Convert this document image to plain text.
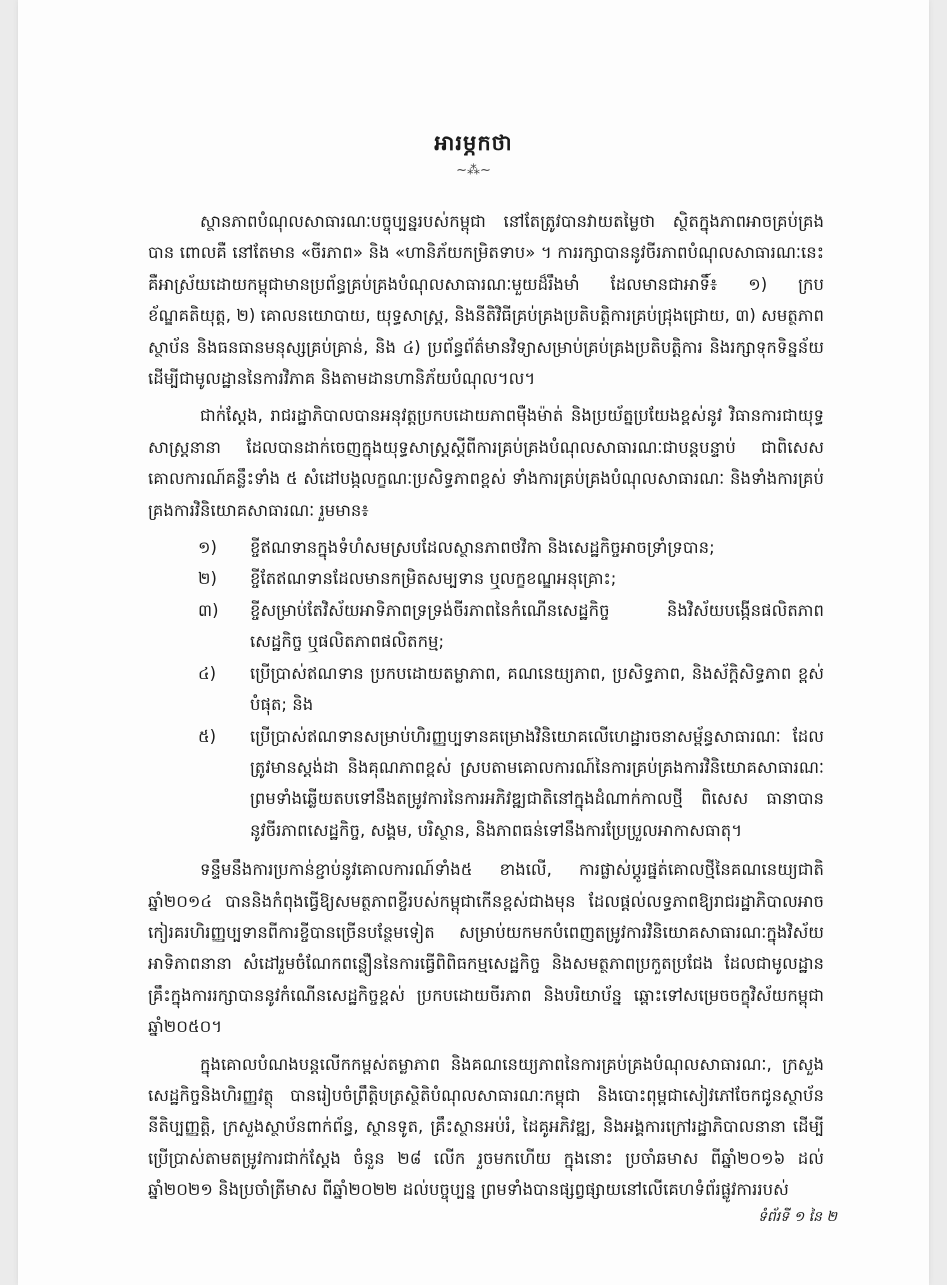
អារម្ភកថា
~⁂~

ស្ថានភាពបំណុលសាធារណៈបច្ចុប្បន្នរបស់កម្ពុជា នៅតែត្រូវបានវាយតម្លៃថា ស្ថិតក្នុងភាពអាចគ្រប់គ្រងបាន ពោលគឺ នៅតែមាន «ចីរភាព» និង «ហានិភ័យកម្រិតទាប» ។ ការរក្សាបាននូវចីរភាពបំណុលសាធារណៈនេះ គឺអាស្រ័យដោយកម្ពុជាមានប្រព័ន្ធគ្រប់គ្រងបំណុលសាធារណៈមួយដ៏រឹងមាំ ដែលមានជាអាទិ៍៖ ១) ក្របខ័ណ្ឌគតិយុត្ត, ២) គោលនយោបាយ, យុទ្ធសាស្ត្រ, និងនីតិវិធីគ្រប់គ្រងប្រតិបត្តិការគ្រប់ជ្រុងជ្រោយ, ៣) សមត្ថភាពស្ថាប័ន និងធនធានមនុស្សគ្រប់គ្រាន់, និង ៤) ប្រព័ន្ធព័ត៌មានវិទ្យាសម្រាប់គ្រប់គ្រងប្រតិបត្តិការ និងរក្សាទុកទិន្នន័យ ដើម្បីជាមូលដ្ឋាននៃការវិភាគ និងតាមដានហានិភ័យបំណុល។ល។

ជាក់ស្តែង, រាជរដ្ឋាភិបាលបានអនុវត្តប្រកបដោយភាពម៉ឺងម៉ាត់ និងប្រយ័ត្នប្រយែងខ្ពស់នូវ វិធានការជាយុទ្ធសាស្ត្រនានា ដែលបានដាក់ចេញក្នុងយុទ្ធសាស្ត្រស្តីពីការគ្រប់គ្រងបំណុលសាធារណៈជាបន្តបន្ទាប់ ជាពិសេស គោលការណ៍គន្លឹះទាំង ៥ សំដៅបង្កលក្ខណៈប្រសិទ្ធភាពខ្ពស់ ទាំងការគ្រប់គ្រងបំណុលសាធារណៈ និងទាំងការគ្រប់គ្រងការវិនិយោគសាធារណៈ រួមមាន៖

១) ខ្ចីឥណទានក្នុងទំហំសមស្របដែលស្ថានភាពថវិកា និងសេដ្ឋកិច្ចអាចទ្រាំទ្របាន;
២) ខ្ចីតែឥណទានដែលមានកម្រិតសម្បទាន ឬលក្ខខណ្ឌអនុគ្រោះ;
៣) ខ្ចីសម្រាប់តែវិស័យអាទិភាពទ្រទ្រង់ចីរភាពនៃកំណើនសេដ្ឋកិច្ច និងវិស័យបង្កើនផលិតភាពសេដ្ឋកិច្ច ឬផលិតភាពផលិតកម្ម;
៤) ប្រើប្រាស់ឥណទាន ប្រកបដោយតម្លាភាព, គណនេយ្យភាព, ប្រសិទ្ធភាព, និងស័ក្តិសិទ្ធភាព ខ្ពស់បំផុត; និង
៥) ប្រើប្រាស់ឥណទានសម្រាប់ហិរញ្ញប្បទានគម្រោងវិនិយោគលើហេដ្ឋារចនាសម្ព័ន្ធសាធារណៈ ដែលត្រូវមានស្តង់ដា និងគុណភាពខ្ពស់ ស្របតាមគោលការណ៍នៃការគ្រប់គ្រងការវិនិយោគសាធារណៈ ព្រមទាំងឆ្លើយតបទៅនឹងតម្រូវការនៃការអភិវឌ្ឍជាតិនៅក្នុងដំណាក់កាលថ្មី ពិសេស ធានាបាននូវចីរភាពសេដ្ឋកិច្ច, សង្គម, បរិស្ថាន, និងភាពធន់ទៅនឹងការប្រែប្រួលអាកាសធាតុ។

ទន្ទឹមនឹងការប្រកាន់ខ្ជាប់នូវគោលការណ៍ទាំង៥ ខាងលើ, ការផ្លាស់ប្តូរផ្នត់គោលថ្មីនៃគណនេយ្យជាតិ ឆ្នាំ២០១៤ បាននិងកំពុងធ្វើឱ្យសមត្ថភាពខ្ចីរបស់កម្ពុជាកើនខ្ពស់ជាងមុន ដែលផ្តល់លទ្ធភាពឱ្យរាជរដ្ឋាភិបាលអាចកៀរគរហិរញ្ញប្បទានពីការខ្ចីបានច្រើនបន្ថែមទៀត សម្រាប់យកមកបំពេញតម្រូវការវិនិយោគសាធារណៈក្នុងវិស័យអាទិភាពនានា សំដៅរួមចំណែកពន្លឿននៃការធ្វើពិពិធកម្មសេដ្ឋកិច្ច និងសមត្ថភាពប្រកួតប្រជែង ដែលជាមូលដ្ឋានគ្រឹះក្នុងការរក្សាបាននូវកំណើនសេដ្ឋកិច្ចខ្ពស់ ប្រកបដោយចីរភាព និងបរិយាប័ន្ន ឆ្ពោះទៅសម្រេចចក្ខុវិស័យកម្ពុជាឆ្នាំ២០៥០។

ក្នុងគោលបំណងបន្តលើកកម្ពស់តម្លាភាព និងគណនេយ្យភាពនៃការគ្រប់គ្រងបំណុលសាធារណៈ, ក្រសួងសេដ្ឋកិច្ចនិងហិរញ្ញវត្ថុ បានរៀបចំព្រឹត្តិបត្រស្ថិតិបំណុលសាធារណៈកម្ពុជា និងបោះពុម្ពជាសៀវភៅចែកជូនស្ថាប័ននីតិប្បញ្ញត្តិ, ក្រសួងស្ថាប័នពាក់ព័ន្ធ, ស្ថានទូត, គ្រឹះស្ថានអប់រំ, ដៃគូអភិវឌ្ឍ, និងអង្គការក្រៅរដ្ឋាភិបាលនានា ដើម្បីប្រើប្រាស់តាមតម្រូវការជាក់ស្តែង ចំនួន ២៨ លើក រួចមកហើយ ក្នុងនោះ ប្រចាំឆមាស ពីឆ្នាំ២០១៦ ដល់ឆ្នាំ២០២១ និងប្រចាំត្រីមាស ពីឆ្នាំ២០២២ ដល់បច្ចុប្បន្ន ព្រមទាំងបានផ្សព្វផ្សាយនៅលើគេហទំព័រផ្លូវការរបស់

ទំព័រទី ១ នៃ ២
